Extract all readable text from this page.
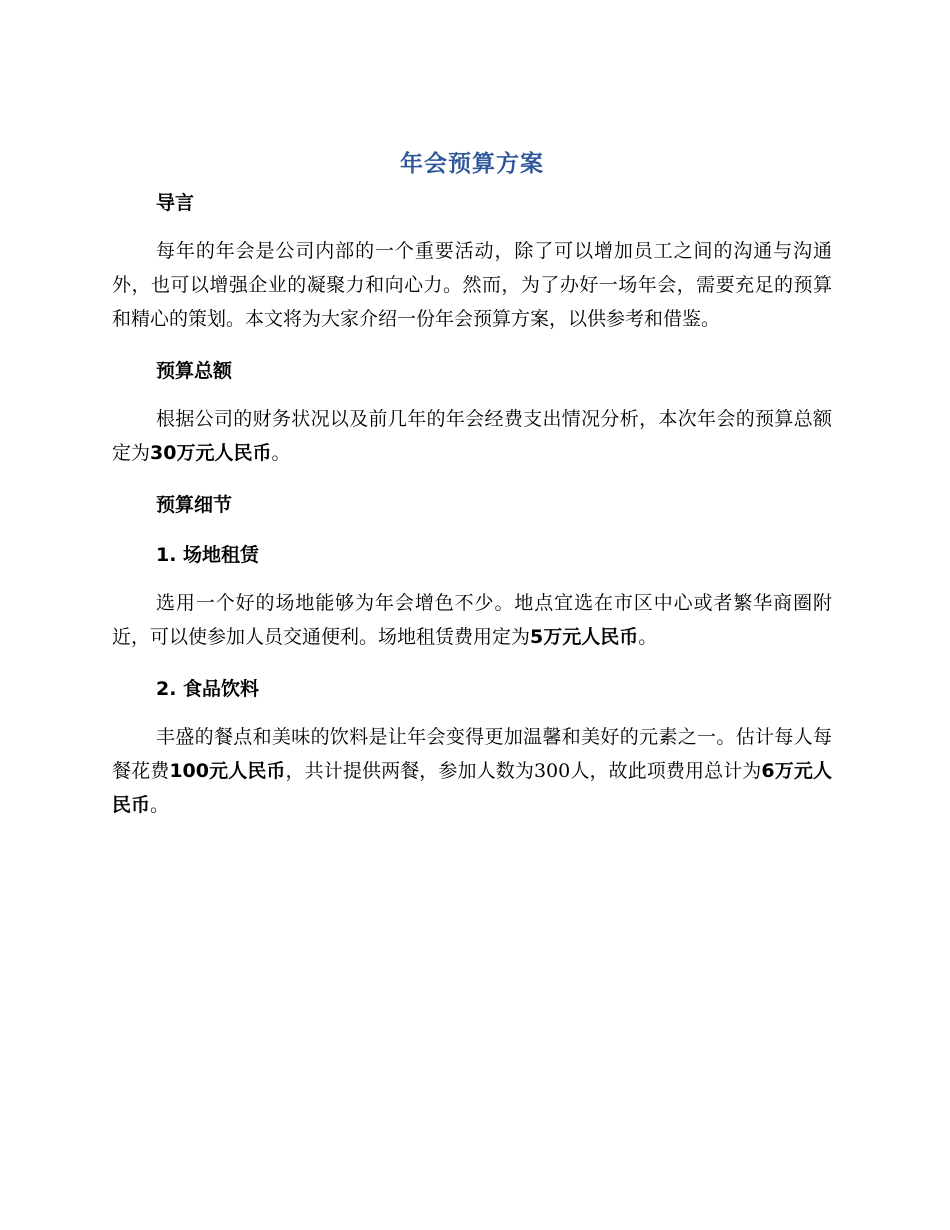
年会预算方案

导言

每年的年会是公司内部的一个重要活动，除了可以增加员工之间的沟通与沟通外，也可以增强企业的凝聚力和向心力。然而，为了办好一场年会，需要充足的预算和精心的策划。本文将为大家介绍一份年会预算方案，以供参考和借鉴。

预算总额

根据公司的财务状况以及前几年的年会经费支出情况分析，本次年会的预算总额定为30万元人民币。

预算细节

1. 场地租赁

选用一个好的场地能够为年会增色不少。地点宜选在市区中心或者繁华商圈附近，可以使参加人员交通便利。场地租赁费用定为5万元人民币。

2. 食品饮料

丰盛的餐点和美味的饮料是让年会变得更加温馨和美好的元素之一。估计每人每餐花费100元人民币，共计提供两餐，参加人数为300人，故此项费用总计为6万元人民币。
